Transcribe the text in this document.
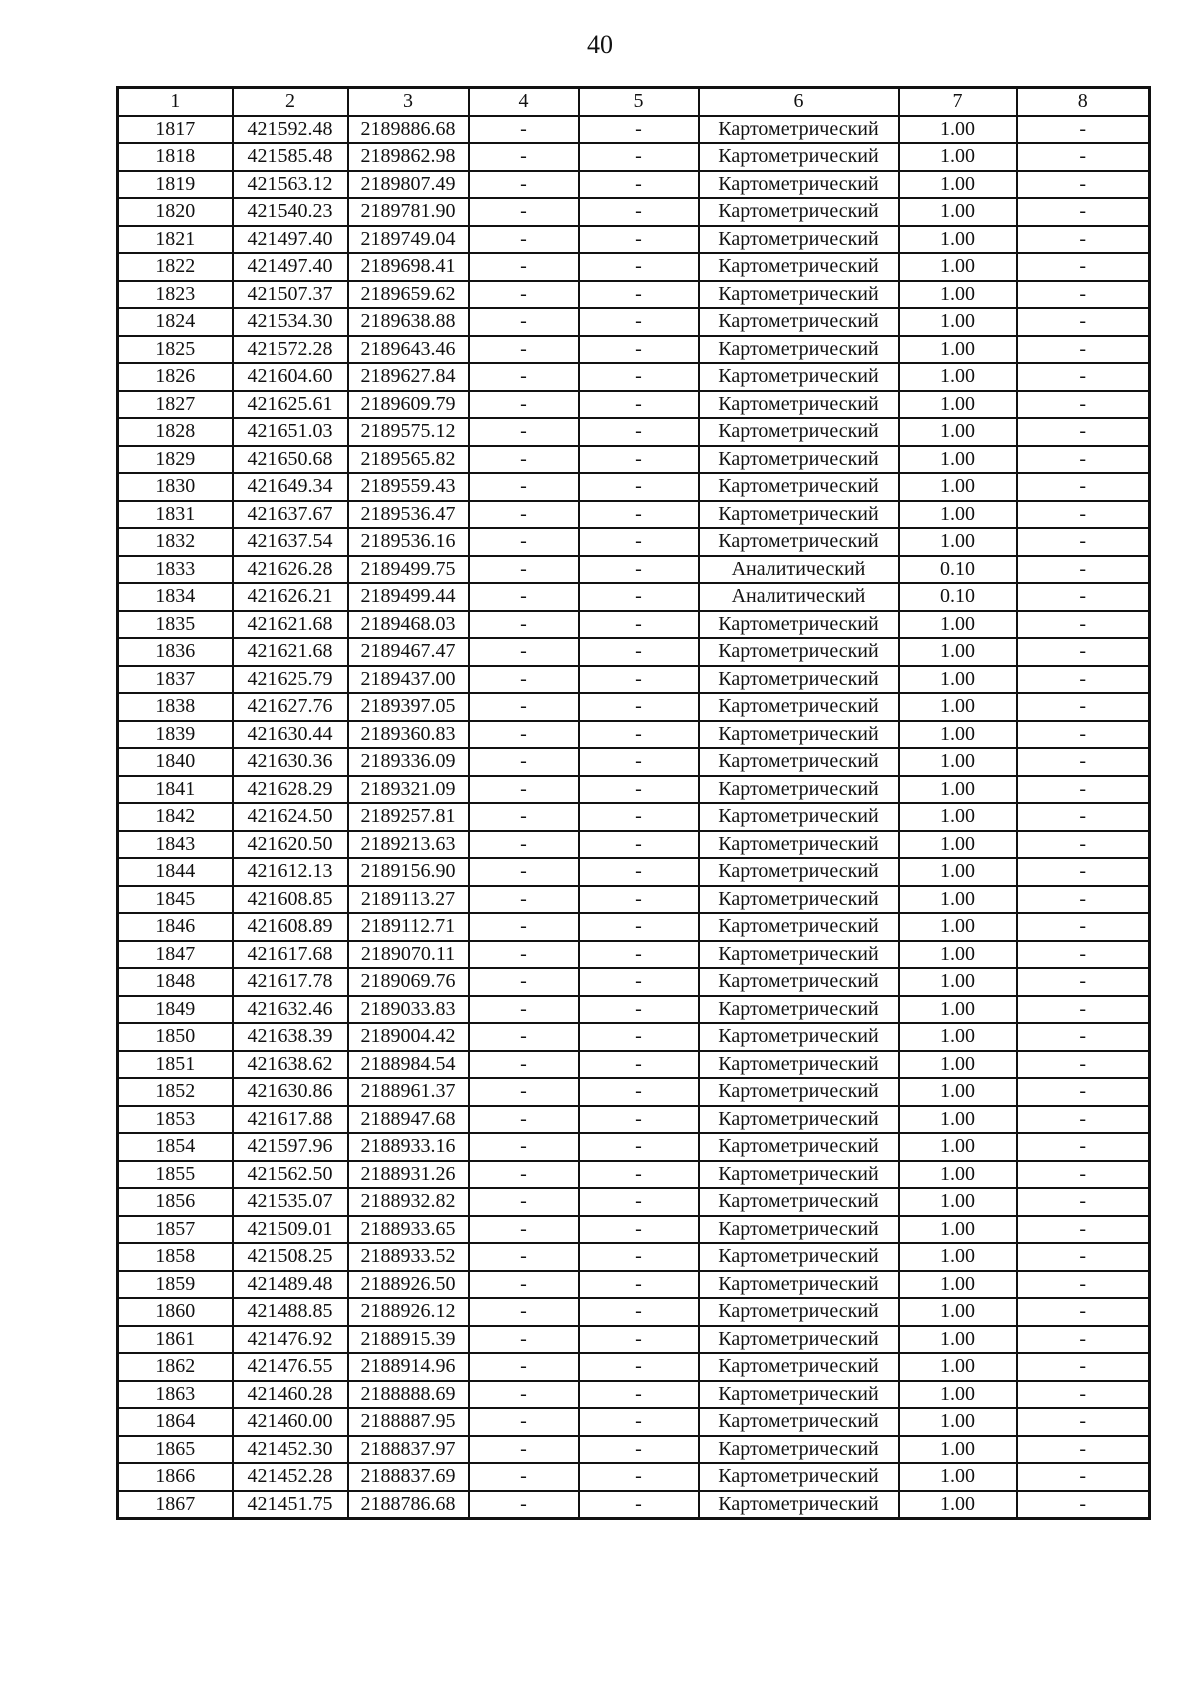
40
1	2	3	4	5	6	7	8
1817	421592.48	2189886.68	-	-	Картометрический	1.00	-
1818	421585.48	2189862.98	-	-	Картометрический	1.00	-
1819	421563.12	2189807.49	-	-	Картометрический	1.00	-
1820	421540.23	2189781.90	-	-	Картометрический	1.00	-
1821	421497.40	2189749.04	-	-	Картометрический	1.00	-
1822	421497.40	2189698.41	-	-	Картометрический	1.00	-
1823	421507.37	2189659.62	-	-	Картометрический	1.00	-
1824	421534.30	2189638.88	-	-	Картометрический	1.00	-
1825	421572.28	2189643.46	-	-	Картометрический	1.00	-
1826	421604.60	2189627.84	-	-	Картометрический	1.00	-
1827	421625.61	2189609.79	-	-	Картометрический	1.00	-
1828	421651.03	2189575.12	-	-	Картометрический	1.00	-
1829	421650.68	2189565.82	-	-	Картометрический	1.00	-
1830	421649.34	2189559.43	-	-	Картометрический	1.00	-
1831	421637.67	2189536.47	-	-	Картометрический	1.00	-
1832	421637.54	2189536.16	-	-	Картометрический	1.00	-
1833	421626.28	2189499.75	-	-	Аналитический	0.10	-
1834	421626.21	2189499.44	-	-	Аналитический	0.10	-
1835	421621.68	2189468.03	-	-	Картометрический	1.00	-
1836	421621.68	2189467.47	-	-	Картометрический	1.00	-
1837	421625.79	2189437.00	-	-	Картометрический	1.00	-
1838	421627.76	2189397.05	-	-	Картометрический	1.00	-
1839	421630.44	2189360.83	-	-	Картометрический	1.00	-
1840	421630.36	2189336.09	-	-	Картометрический	1.00	-
1841	421628.29	2189321.09	-	-	Картометрический	1.00	-
1842	421624.50	2189257.81	-	-	Картометрический	1.00	-
1843	421620.50	2189213.63	-	-	Картометрический	1.00	-
1844	421612.13	2189156.90	-	-	Картометрический	1.00	-
1845	421608.85	2189113.27	-	-	Картометрический	1.00	-
1846	421608.89	2189112.71	-	-	Картометрический	1.00	-
1847	421617.68	2189070.11	-	-	Картометрический	1.00	-
1848	421617.78	2189069.76	-	-	Картометрический	1.00	-
1849	421632.46	2189033.83	-	-	Картометрический	1.00	-
1850	421638.39	2189004.42	-	-	Картометрический	1.00	-
1851	421638.62	2188984.54	-	-	Картометрический	1.00	-
1852	421630.86	2188961.37	-	-	Картометрический	1.00	-
1853	421617.88	2188947.68	-	-	Картометрический	1.00	-
1854	421597.96	2188933.16	-	-	Картометрический	1.00	-
1855	421562.50	2188931.26	-	-	Картометрический	1.00	-
1856	421535.07	2188932.82	-	-	Картометрический	1.00	-
1857	421509.01	2188933.65	-	-	Картометрический	1.00	-
1858	421508.25	2188933.52	-	-	Картометрический	1.00	-
1859	421489.48	2188926.50	-	-	Картометрический	1.00	-
1860	421488.85	2188926.12	-	-	Картометрический	1.00	-
1861	421476.92	2188915.39	-	-	Картометрический	1.00	-
1862	421476.55	2188914.96	-	-	Картометрический	1.00	-
1863	421460.28	2188888.69	-	-	Картометрический	1.00	-
1864	421460.00	2188887.95	-	-	Картометрический	1.00	-
1865	421452.30	2188837.97	-	-	Картометрический	1.00	-
1866	421452.28	2188837.69	-	-	Картометрический	1.00	-
1867	421451.75	2188786.68	-	-	Картометрический	1.00	-
